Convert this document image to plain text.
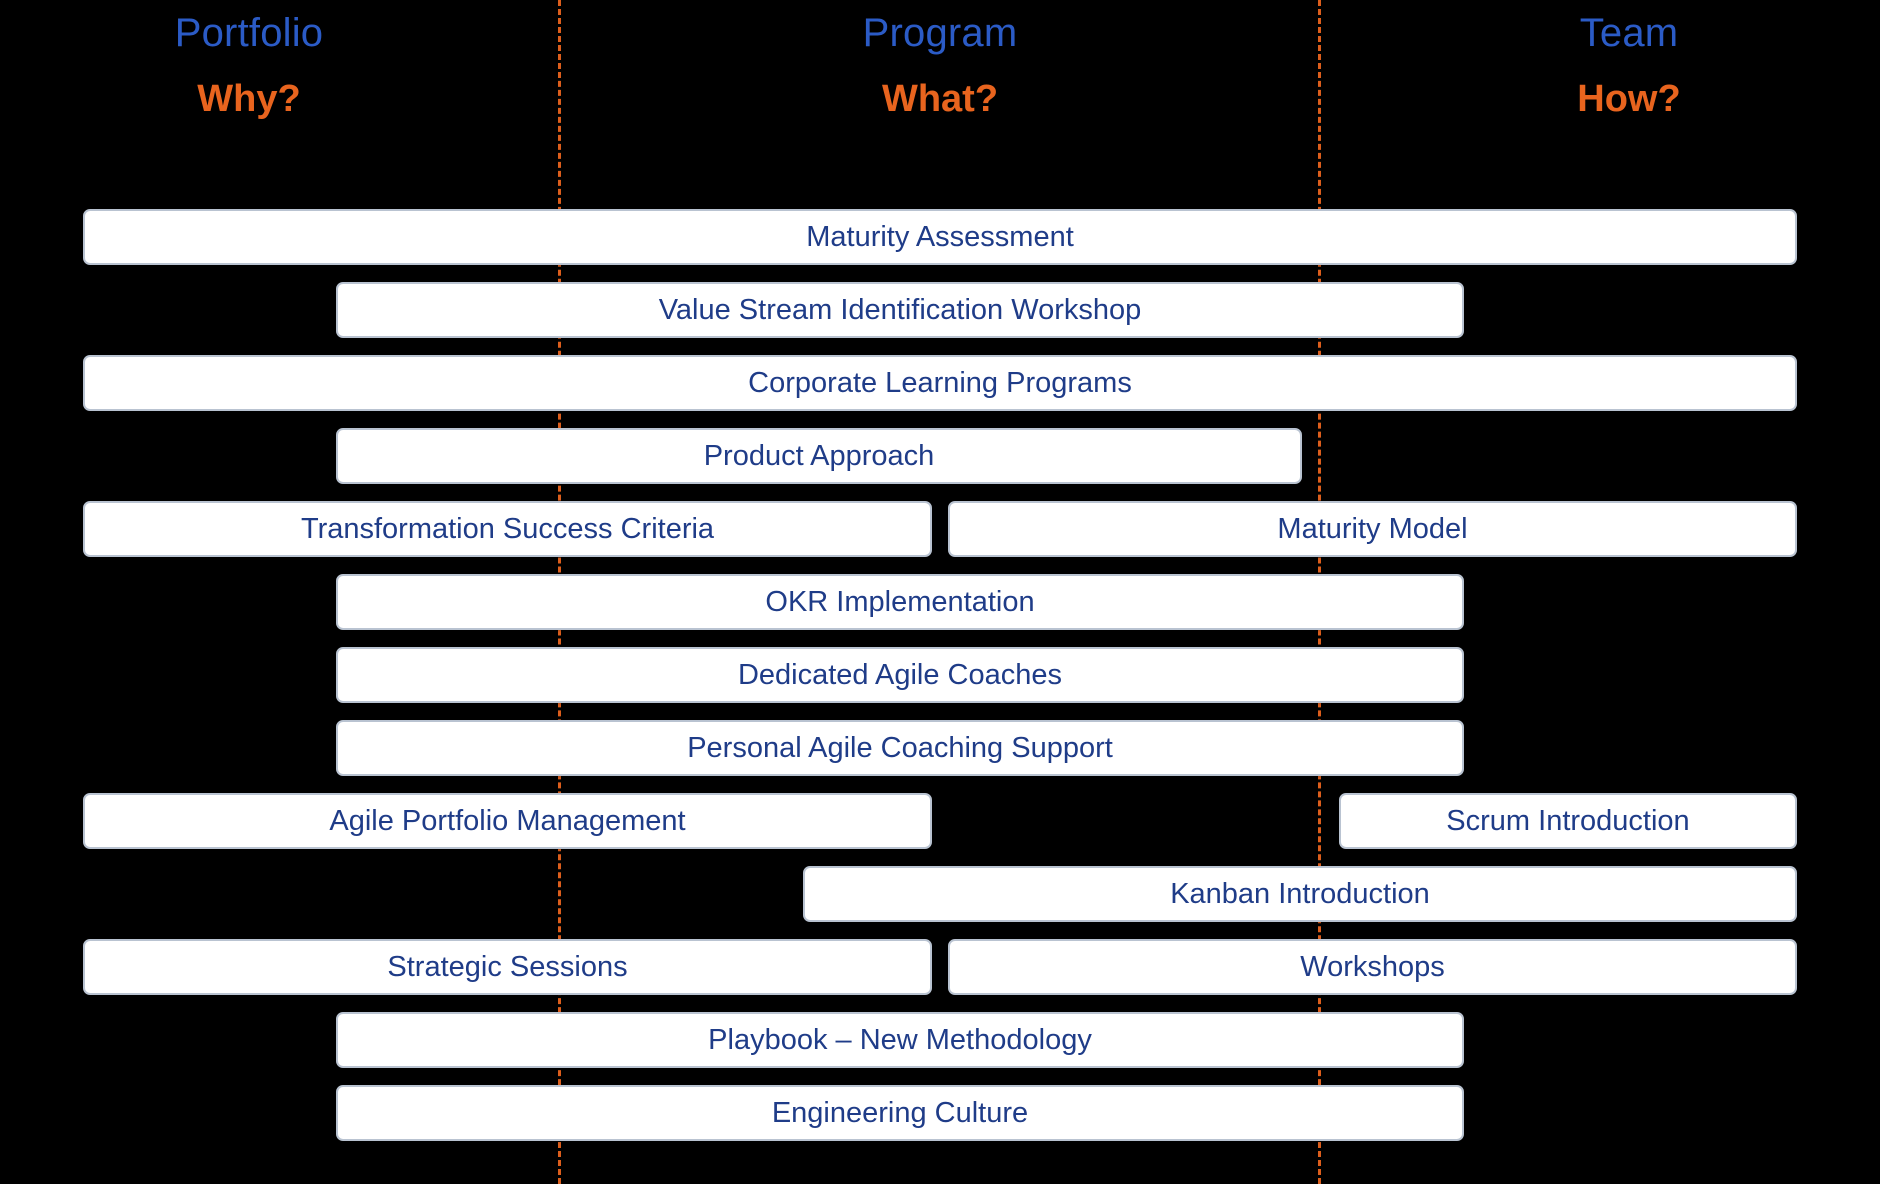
Portfolio
Why?
Program
What?
Team
How?
Maturity Assessment
Value Stream Identification Workshop
Corporate Learning Programs
Product Approach
Transformation Success Criteria	Maturity Model
OKR Implementation
Dedicated Agile Coaches
Personal Agile Coaching Support
Agile Portfolio Management	Scrum Introduction
Kanban Introduction
Strategic Sessions	Workshops
Playbook – New Methodology
Engineering Culture
